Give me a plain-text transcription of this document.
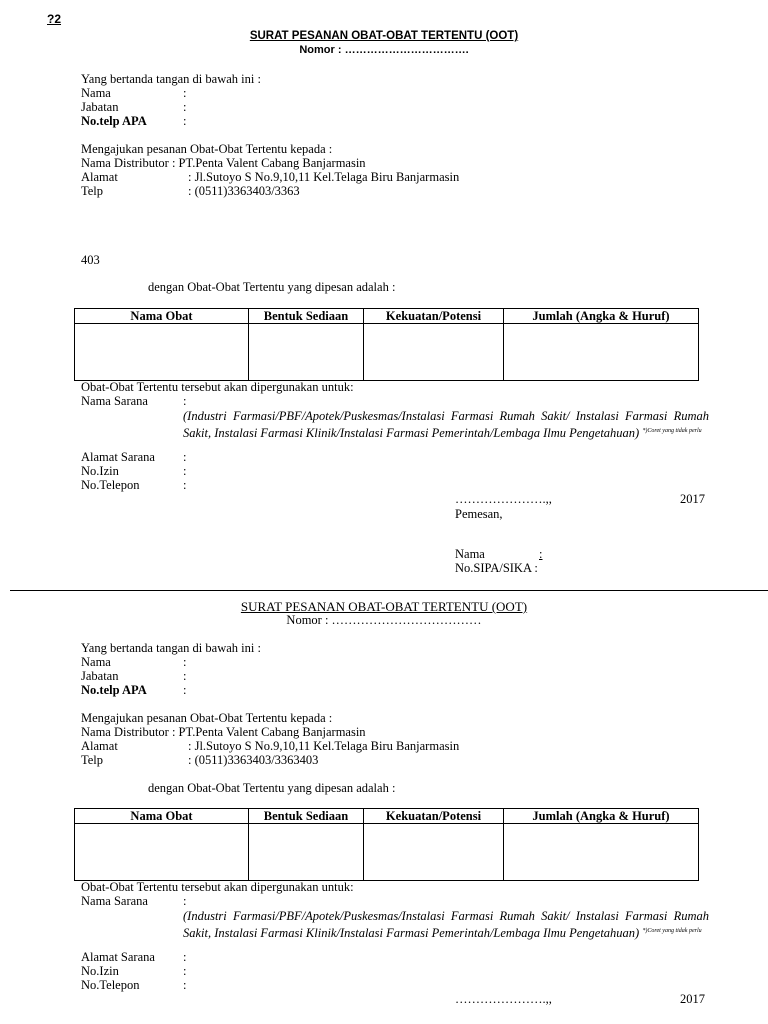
?2
SURAT PESANAN OBAT-OBAT TERTENTU (OOT)
Nomor : …………………………….
Yang bertanda tangan di bawah ini :
Nama	:
Jabatan	:
No.telp APA	:
Mengajukan pesanan Obat-Obat Tertentu kepada :
Nama Distributor : PT.Penta Valent Cabang Banjarmasin
Alamat	: Jl.Sutoyo S No.9,10,11 Kel.Telaga Biru Banjarmasin
Telp	: (0511)3363403/3363
403
dengan Obat-Obat Tertentu yang dipesan adalah :
Nama Obat	Bentuk Sediaan	Kekuatan/Potensi	Jumlah (Angka & Huruf)

Obat-Obat Tertentu tersebut akan dipergunakan untuk:
Nama Sarana	:
(Industri Farmasi/PBF/Apotek/Puskesmas/Instalasi Farmasi Rumah Sakit/ Instalasi Farmasi Rumah Sakit, Instalasi Farmasi Klinik/Instalasi Farmasi Pemerintah/Lembaga Ilmu Pengetahuan) $^{*)Coret yang tidak perlu}$
Alamat Sarana :
No.Izin	:
No.Telepon	:
………………….,,	2017
Pemesan,
Nama	:
No.SIPA/SIKA :
SURAT PESANAN OBAT-OBAT TERTENTU (OOT)
Nomor : ………………………………
Yang bertanda tangan di bawah ini :
Nama	:
Jabatan	:
No.telp APA	:
Mengajukan pesanan Obat-Obat Tertentu kepada :
Nama Distributor : PT.Penta Valent Cabang Banjarmasin
Alamat	: Jl.Sutoyo S No.9,10,11 Kel.Telaga Biru Banjarmasin
Telp	: (0511)3363403/3363403
dengan Obat-Obat Tertentu yang dipesan adalah :
Nama Obat	Bentuk Sediaan	Kekuatan/Potensi	Jumlah (Angka & Huruf)

Obat-Obat Tertentu tersebut akan dipergunakan untuk:
Nama Sarana	:
(Industri Farmasi/PBF/Apotek/Puskesmas/Instalasi Farmasi Rumah Sakit/ Instalasi Farmasi Rumah Sakit, Instalasi Farmasi Klinik/Instalasi Farmasi Pemerintah/Lembaga Ilmu Pengetahuan) $^{*)Coret yang tidak perlu}$
Alamat Sarana :
No.Izin	:
No.Telepon	:
………………….,,	2017
